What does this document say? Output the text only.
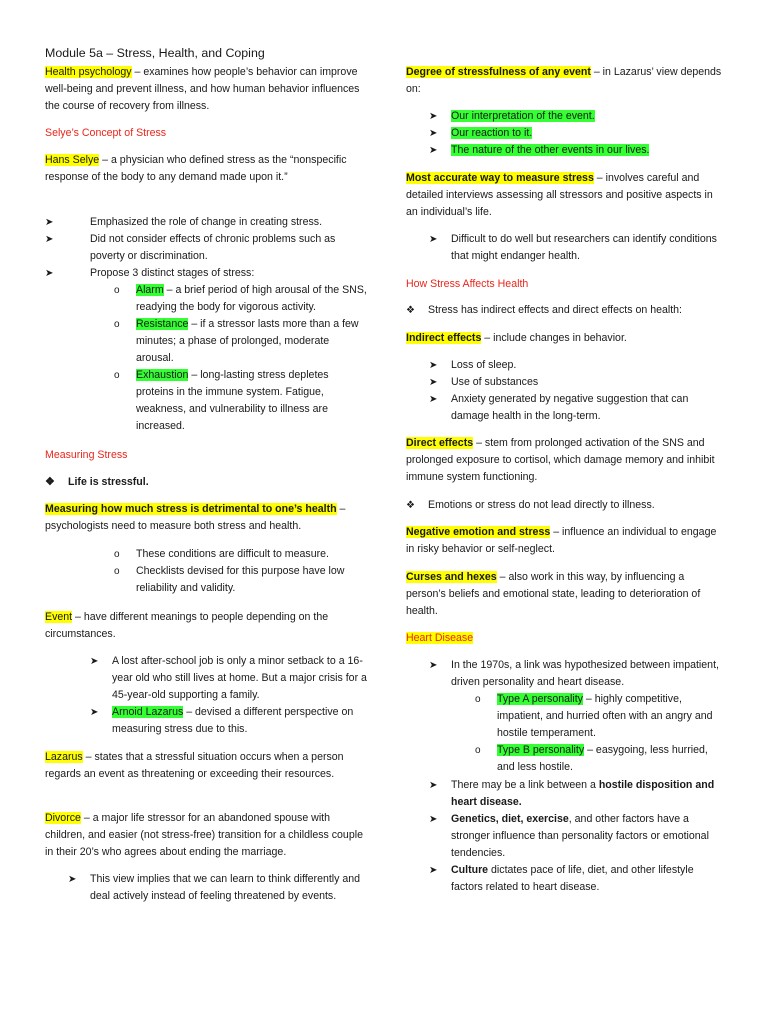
Module 5a – Stress, Health, and Coping

Health psychology – examines how people’s behavior can improve well-being and prevent illness, and how human behavior influences the course of recovery from illness.

Selye’s Concept of Stress

Hans Selye – a physician who defined stress as the “nonspecific response of the body to any demand made upon it.”

➤	Emphasized the role of change in creating stress.
➤	Did not consider effects of chronic problems such as poverty or discrimination.
➤	Propose 3 distinct stages of stress:
o Alarm – a brief period of high arousal of the SNS, readying the body for vigorous activity.
o Resistance – if a stressor lasts more than a few minutes; a phase of prolonged, moderate arousal.
o Exhaustion – long-lasting stress depletes proteins in the immune system. Fatigue, weakness, and vulnerability to illness are increased.

Measuring Stress

❖ Life is stressful.

Measuring how much stress is detrimental to one’s health – psychologists need to measure both stress and health.

o These conditions are difficult to measure.
o Checklists devised for this purpose have low reliability and validity.

Event – have different meanings to people depending on the circumstances.

➤ A lost after-school job is only a minor setback to a 16-year old who still lives at home. But a major crisis for a 45-year-old supporting a family.
➤ Arnoid Lazarus – devised a different perspective on measuring stress due to this.

Lazarus – states that a stressful situation occurs when a person regards an event as threatening or exceeding their resources.

Divorce – a major life stressor for an abandoned spouse with children, and easier (not stress-free) transition for a childless couple in their 20’s who agrees about ending the marriage.

➤ This view implies that we can learn to think differently and deal actively instead of feeling threatened by events.

Degree of stressfulness of any event – in Lazarus’ view depends on:

➤ Our interpretation of the event.
➤ Our reaction to it.
➤ The nature of the other events in our lives.

Most accurate way to measure stress – involves careful and detailed interviews assessing all stressors and positive aspects in an individual’s life.

➤ Difficult to do well but researchers can identify conditions that might endanger health.

How Stress Affects Health

❖ Stress has indirect effects and direct effects on health:

Indirect effects – include changes in behavior.

➤ Loss of sleep.
➤ Use of substances
➤ Anxiety generated by negative suggestion that can damage health in the long-term.

Direct effects – stem from prolonged activation of the SNS and prolonged exposure to cortisol, which damage memory and inhibit immune system functioning.

❖ Emotions or stress do not lead directly to illness.

Negative emotion and stress – influence an individual to engage in risky behavior or self-neglect.

Curses and hexes – also work in this way, by influencing a person’s beliefs and emotional state, leading to deterioration of health.

Heart Disease

➤ In the 1970s, a link was hypothesized between impatient, driven personality and heart disease.
o Type A personality – highly competitive, impatient, and hurried often with an angry and hostile temperament.
o Type B personality – easygoing, less hurried, and less hostile.
➤ There may be a link between a hostile disposition and heart disease.
➤ Genetics, diet, exercise, and other factors have a stronger influence than personality factors or emotional tendencies.
➤ Culture dictates pace of life, diet, and other lifestyle factors related to heart disease.
